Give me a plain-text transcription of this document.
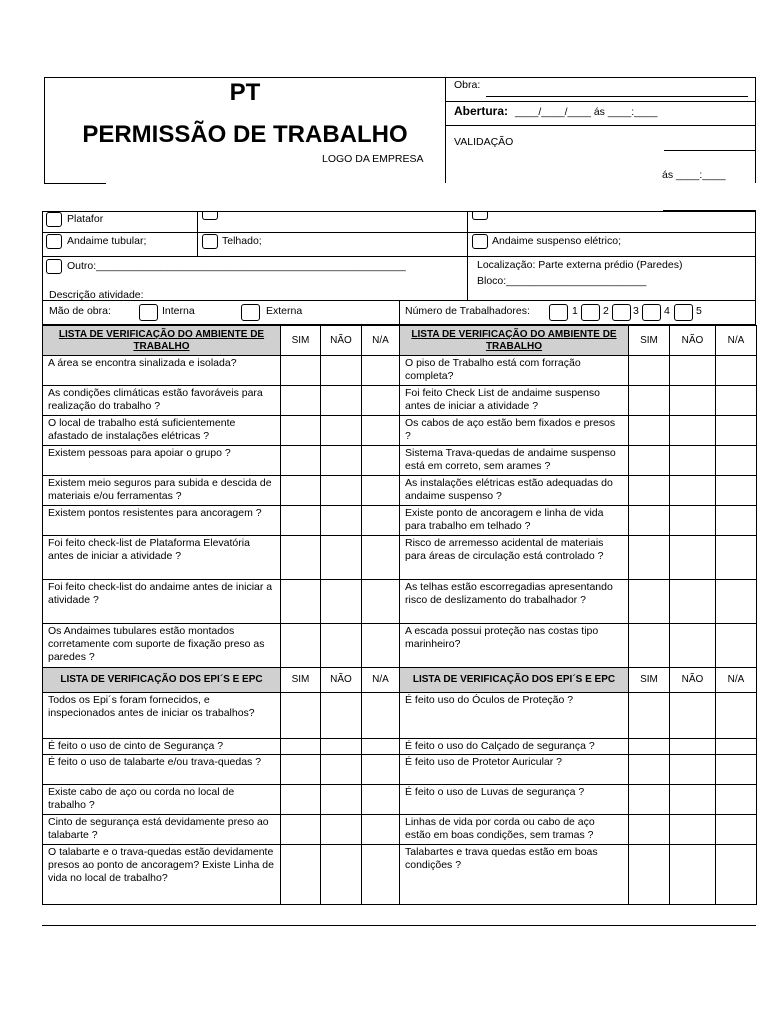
PT
PERMISSÃO DE TRABALHO
LOGO DA EMPRESA
Obra:
Abertura: ____/____/____ ás ____:____
VALIDAÇÃO
ás ____:____
Platafor
Andaime tubular;	Telhado;	Andaime suspenso elétrico;
Outro:_____________________________________________________	Localização: Parte externa prédio (Paredes)
Bloco:________________________
Descrição atividade:
Mão de obra:	Interna	Externa	Número de Trabalhadores:	1 2 3 4 5
LISTA DE VERIFICAÇÃO DO AMBIENTE DE TRABALHO	SIM	NÃO	N/A	LISTA DE VERIFICAÇÃO DO AMBIENTE DE TRABALHO	SIM	NÃO	N/A
A área se encontra sinalizada e isolada?				O piso de Trabalho está com forração completa?			
As condições climáticas estão favoráveis para realização do trabalho ?				Foi feito Check List de andaime suspenso antes de iniciar a atividade ?			
O local de trabalho está suficientemente afastado de instalações elétricas ?				Os cabos de aço estão bem fixados e presos ?			
Existem pessoas para apoiar o grupo ?				Sistema Trava-quedas de andaime suspenso está em correto, sem arames ?			
Existem meio seguros para subida e descida de materiais e/ou ferramentas ?				As instalações elétricas estão adequadas do andaime suspenso ?			
Existem pontos resistentes para ancoragem ?				Existe ponto de ancoragem e linha de vida para trabalho em telhado ?			
Foi feito check-list de Plataforma Elevatória antes de iniciar a atividade ?				Risco de arremesso acidental de materiais para áreas de circulação está controlado ?			
Foi feito check-list do andaime antes de iniciar a atividade ?				As telhas estão escorregadias apresentando risco de deslizamento do trabalhador ?			
Os Andaimes tubulares estão montados corretamente com suporte de fixação preso as paredes ?				A escada possui proteção nas costas tipo marinheiro?			
LISTA DE VERIFICAÇÃO DOS EPI´S E EPC	SIM	NÃO	N/A	LISTA DE VERIFICAÇÃO DOS EPI´S E EPC	SIM	NÃO	N/A
Todos os Epi´s foram fornecidos, e inspecionados antes de iniciar os trabalhos?				É feito uso do Óculos de Proteção ?			
É feito o uso de cinto de Segurança ?				É feito o uso do Calçado de segurança ?			
É feito o uso de talabarte e/ou trava-quedas ?				É feito uso de Protetor Auricular ?			
Existe cabo de aço ou corda no local de trabalho ?				É feito o uso de Luvas de segurança ?			
Cinto de segurança está devidamente preso ao talabarte ?				Linhas de vida por corda ou cabo de aço estão em boas condições, sem tramas ?			
O talabarte e o trava-quedas estão devidamente presos ao ponto de ancoragem? Existe Linha de vida no local de trabalho?				Talabartes e trava quedas estão em boas condições ?			
